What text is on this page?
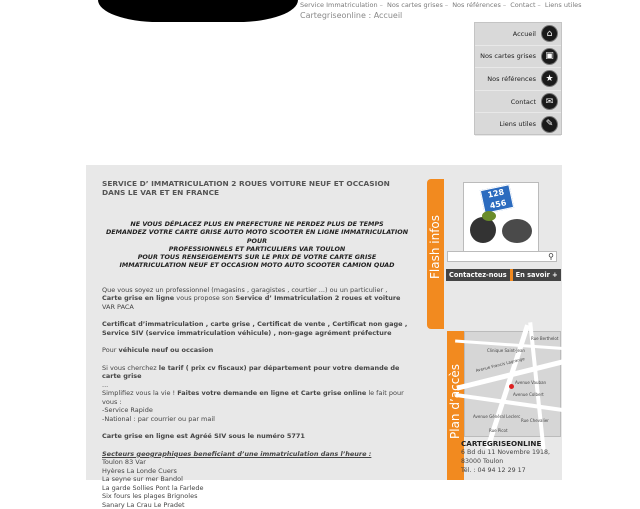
Service Immatriculation – Nos cartes grises – Nos références – Contact – Liens utiles
Cartegriseonline : Accueil
Accueil	⌂
Nos cartes grises	▣
Nos références	★
Contact	✉
Liens utiles	✎
SERVICE D’ IMMATRICULATION 2 ROUES VOITURE NEUF ET OCCASION DANS LE VAR ET EN FRANCE
NE VOUS DÉPLACEZ PLUS EN PREFECTURE NE PERDEZ PLUS DE TEMPS
DEMANDEZ VOTRE CARTE GRISE AUTO MOTO SCOOTER EN LIGNE IMMATRICULATION POUR
PROFESSIONNELS ET PARTICULIERS VAR TOULON
POUR TOUS RENSEIGEMENTS SUR LE PRIX DE VOTRE CARTE GRISE
IMMATRICULATION NEUF ET OCCASION MOTO AUTO SCOOTER CAMION QUAD
Que vous soyez un professionnel (magasins , garagistes , courtier ...) ou un particulier ,
Carte grise en ligne vous propose son Service d’ Immatriculation 2 roues et voiture VAR PACA
Certificat d’immatriculation , carte grise , Certificat de vente , Certificat non gage , Service SIV (service immatriculation véhicule) , non-gage agrément préfecture
Pour véhicule neuf ou occasion
Si vous cherchez le tarif ( prix cv fiscaux) par département pour votre demande de carte grise
...
Simplifiez vous la vie ! Faites votre demande en ligne et Carte grise online le fait pour vous :
-Service Rapide
-National : par courrier ou par mail
Carte grise en ligne est Agréé SIV sous le numéro 5771
Secteurs geographiques beneficiant d’une immatriculation dans l’heure :
Toulon 83 Var
Hyères La Londe Cuers
La seyne sur mer Bandol
La garde Sollies Pont la Farlede
Six fours les plages Brignoles
Sanary La Crau Le Pradet
Flash infos
128
456
⚲
Contactez-nous	En savoir +
Plan d’accès
Clinique Saint-Jean
Rue Berthelot
Avenue Francis Lagrange
Avenue Vauban
Avenue Colbert
Avenue Général Leclerc
Rue Chevalier
Rue Picot
CARTEGRISEONLINE
6 Bd du 11 Novembre 1918,
83000 Toulon
Tél. : 04 94 12 29 17
